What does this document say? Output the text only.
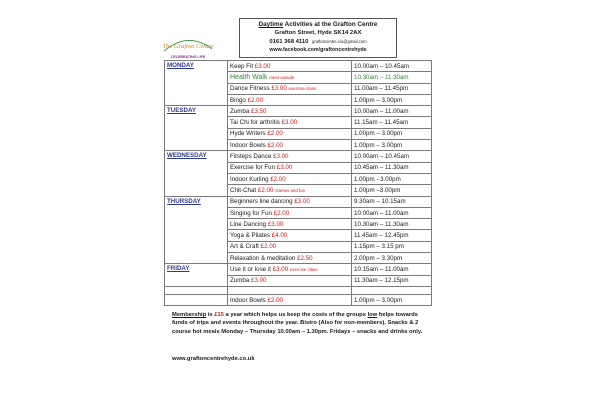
The Grafton Centre
CELEBRATING LIFE
Daytime Activities at the Grafton Centre
Grafton Street, Hyde SK14 2AX
0161 368 4110 graftoncentre.cio@gmail.com
www.facebook.com/graftoncentrehyde
MONDAY	Keep Fit £3.00	10.00am – 10.45am
	Health Walk meet outside	10.30am – 11.30am
	Dance Fitness £3.00 exercise class	11.00am – 11.45pm
	Bingo £2.00	1.00pm – 3.00pm
TUESDAY	Zumba £3.50	10.00am – 11.00am
	Tai Chi for arthritis £3.00	11.15am – 11.45am
	Hyde Writers £2.00	1.00pm – 3.00pm
	Indoor Bowls £2.00	1.00pm – 3.00pm
WEDNESDAY	Fitsteps Dance £3.00	10.00am – 10.45am
	Exercise for Fun £3.00	10.45am – 11.30am
	Indoor Kurling £2.00	1.00pm - 3.00pm
	Chit-Chat £2.00 Games and fun	1.00pm –3.00pm
THURSDAY	Beginners line dancing £3.00	9.30am – 10.15am
	Singing for Fun £2.00	10.00am – 11.00am
	Line Dancing £3.00	10.30am – 11.30am
	Yoga & Pilates £4.00	11.45am – 12.45pm
	Art & Craft £2.00	1.15pm – 3.15 pm
	Relaxation & meditation £2.50	2.00pm – 3.30pm
FRIDAY	Use it or lose it £3.00 exercise class	10.15am – 11.00am
	Zumba £3.00	11.30am – 12.15pm

	Indoor Bowls £2.00	1.00pm – 3.00pm
Membership is £15 a year which helps us keep the costs of the groups low helps towards funds of trips and events throughout the year. Bistro (Also for non-members), Snacks & 2 course hot meals Monday – Thursday 10.00am – 1.30pm. Fridays – snacks and drinks only.
www.graftoncentrehyde.co.uk
